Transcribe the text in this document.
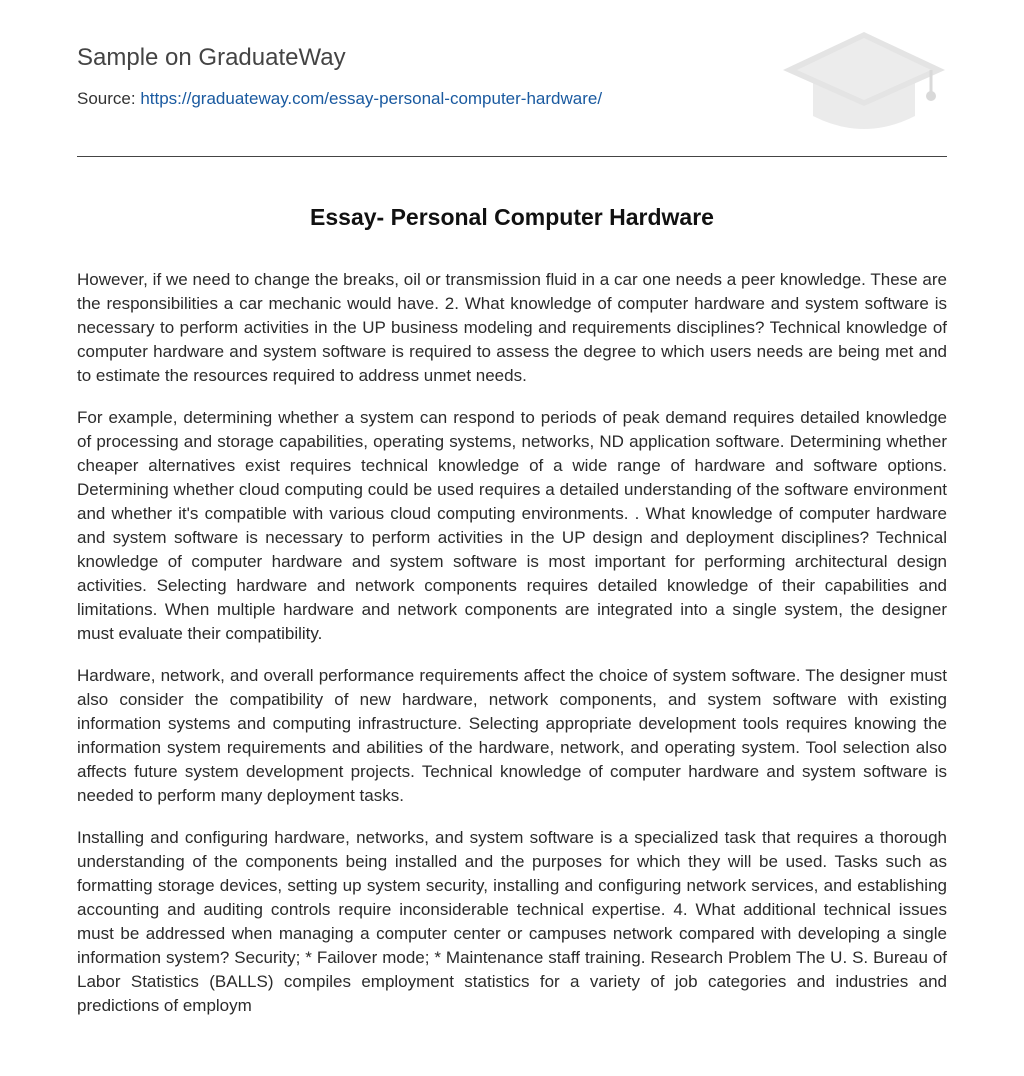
Sample on GraduateWay
Source: https://graduateway.com/essay-personal-computer-hardware/
Essay- Personal Computer Hardware

However, if we need to change the breaks, oil or transmission fluid in a car one needs a peer knowledge. These are the responsibilities a car mechanic would have. 2. What knowledge of computer hardware and system software is necessary to perform activities in the UP business modeling and requirements disciplines? Technical knowledge of computer hardware and system software is required to assess the degree to which users needs are being met and to estimate the resources required to address unmet needs.

For example, determining whether a system can respond to periods of peak demand requires detailed knowledge of processing and storage capabilities, operating systems, networks, ND application software. Determining whether cheaper alternatives exist requires technical knowledge of a wide range of hardware and software options. Determining whether cloud computing could be used requires a detailed understanding of the software environment and whether it's compatible with various cloud computing environments. . What knowledge of computer hardware and system software is necessary to perform activities in the UP design and deployment disciplines? Technical knowledge of computer hardware and system software is most important for performing architectural design activities. Selecting hardware and network components requires detailed knowledge of their capabilities and limitations. When multiple hardware and network components are integrated into a single system, the designer must evaluate their compatibility.

Hardware, network, and overall performance requirements affect the choice of system software. The designer must also consider the compatibility of new hardware, network components, and system software with existing information systems and computing infrastructure. Selecting appropriate development tools requires knowing the information system requirements and abilities of the hardware, network, and operating system. Tool selection also affects future system development projects. Technical knowledge of computer hardware and system software is needed to perform many deployment tasks.

Installing and configuring hardware, networks, and system software is a specialized task that requires a thorough understanding of the components being installed and the purposes for which they will be used. Tasks such as formatting storage devices, setting up system security, installing and configuring network services, and establishing accounting and auditing controls require inconsiderable technical expertise. 4. What additional technical issues must be addressed when managing a computer center or campuses network compared with developing a single information system? Security; * Failover mode; * Maintenance staff training. Research Problem The U. S. Bureau of Labor Statistics (BALLS) compiles employment statistics for a variety of job categories and industries and predictions of employm
